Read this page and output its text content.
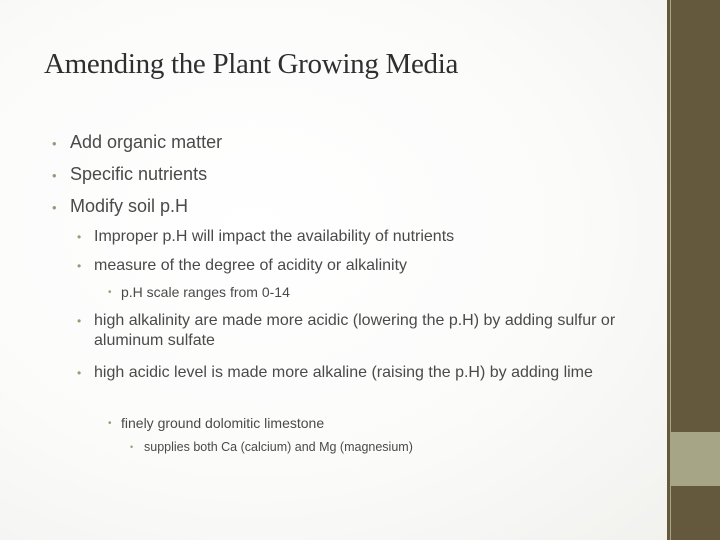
Amending the Plant Growing Media
• Add organic matter
• Specific nutrients
• Modify soil p.H
• Improper p.H will impact the availability of nutrients
• measure of the degree of acidity or alkalinity
• p.H scale ranges from 0-14
• high alkalinity are made more acidic (lowering the p.H) by adding sulfur or aluminum sulfate
• high acidic level is made more alkaline (raising the p.H) by adding lime
• finely ground dolomitic limestone
• supplies both Ca (calcium) and Mg (magnesium)
